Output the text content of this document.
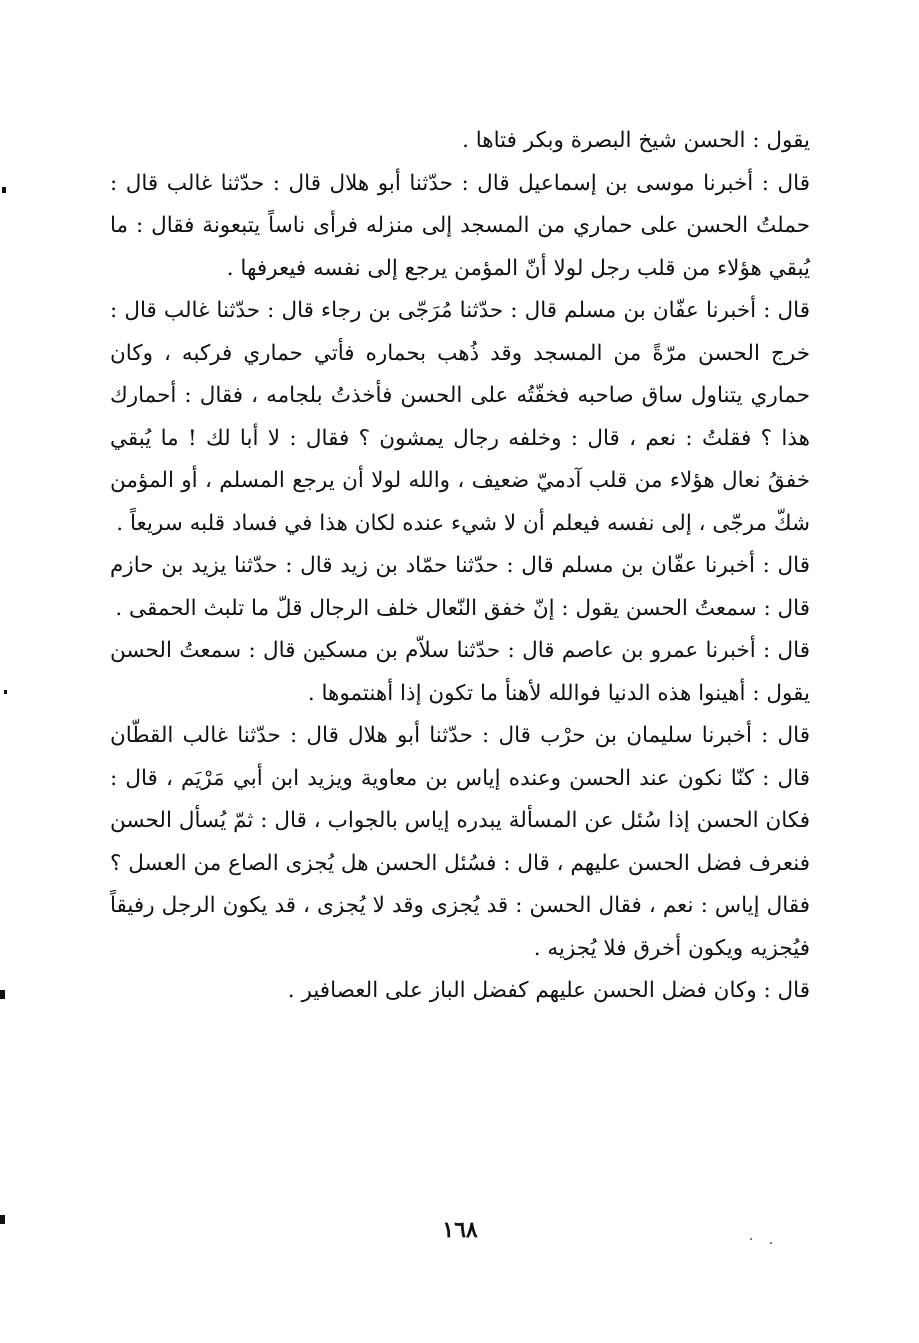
يقول : الحسن شيخ البصرة وبكر فتاها .

قال : أخبرنا موسى بن إسماعيل قال : حدّثنا أبو هلال قال : حدّثنا غالب قال : حملتُ الحسن على حماري من المسجد إلى منزله فرأى ناساً يتبعونة فقال : ما يُبقي هؤلاء من قلب رجل لولا أنّ المؤمن يرجع إلى نفسه فيعرفها .

قال : أخبرنا عفّان بن مسلم قال : حدّثنا مُرَجّى بن رجاء قال : حدّثنا غالب قال : خرج الحسن مرّةً من المسجد وقد ذُهب بحماره فأتي حماري فركبه ، وكان حماري يتناول ساق صاحبه فخفّتُه على الحسن فأخذتُ بلجامه ، فقال : أحمارك هذا ؟ فقلتُ : نعم ، قال : وخلفه رجال يمشون ؟ فقال : لا أبا لك ! ما يُبقي خفقُ نعال هؤلاء من قلب آدميّ ضعيف ، والله لولا أن يرجع المسلم ، أو المؤمن شكّ مرجّى ، إلى نفسه فيعلم أن لا شيء عنده لكان هذا في فساد قلبه سريعاً .

قال : أخبرنا عفّان بن مسلم قال : حدّثنا حمّاد بن زيد قال : حدّثنا يزيد بن حازم قال : سمعتُ الحسن يقول : إنّ خفق النّعال خلف الرجال قلّ ما تلبث الحمقى .

قال : أخبرنا عمرو بن عاصم قال : حدّثنا سلاّم بن مسكين قال : سمعتُ الحسن يقول : أهينوا هذه الدنيا فوالله لأهنأ ما تكون إذا أهنتموها .

قال : أخبرنا سليمان بن حرْب قال : حدّثنا أبو هلال قال : حدّثنا غالب القطّان قال : كنّا نكون عند الحسن وعنده إياس بن معاوية ويزيد ابن أبي مَرْيَم ، قال : فكان الحسن إذا سُئل عن المسألة يبدره إياس بالجواب ، قال : ثمّ يُسأل الحسن فنعرف فضل الحسن عليهم ، قال : فسُئل الحسن هل يُجزى الصاع من العسل ؟ فقال إياس : نعم ، فقال الحسن : قد يُجزى وقد لا يُجزى ، قد يكون الرجل رفيقاً فيُجزيه ويكون أخرق فلا يُجزيه .

قال : وكان فضل الحسن عليهم كفضل الباز على العصافير .

١٦٨
